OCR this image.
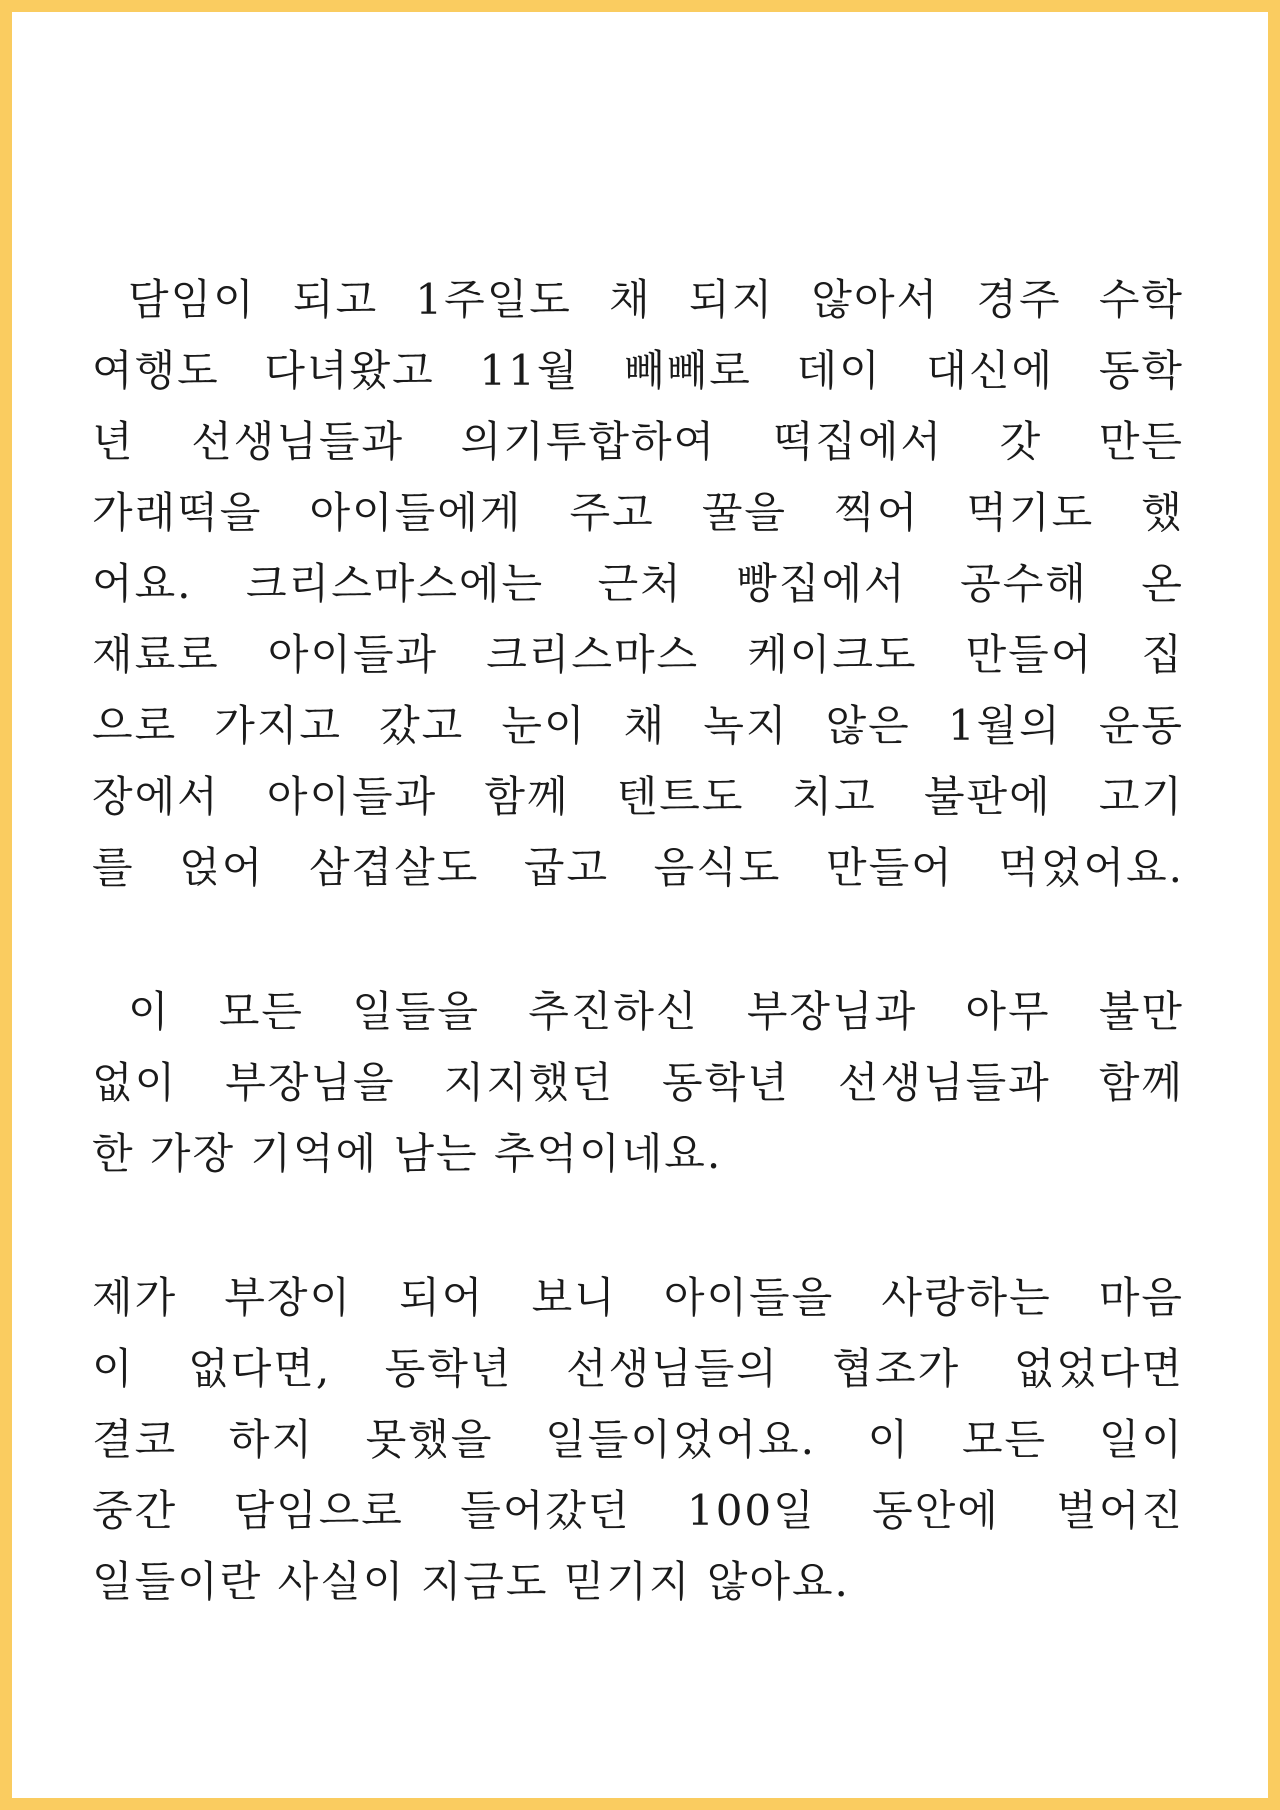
담임이 되고 1주일도 채 되지 않아서 경주 수학
여행도 다녀왔고 11월 빼빼로 데이 대신에 동학
년 선생님들과 의기투합하여 떡집에서 갓 만든
가래떡을 아이들에게 주고 꿀을 찍어 먹기도 했
어요. 크리스마스에는 근처 빵집에서 공수해 온
재료로 아이들과 크리스마스 케이크도 만들어 집
으로 가지고 갔고 눈이 채 녹지 않은 1월의 운동
장에서 아이들과 함께 텐트도 치고 불판에 고기
를 얹어 삼겹살도 굽고 음식도 만들어 먹었어요.
이 모든 일들을 추진하신 부장님과 아무 불만
없이 부장님을 지지했던 동학년 선생님들과 함께
한 가장 기억에 남는 추억이네요.
제가 부장이 되어 보니 아이들을 사랑하는 마음
이 없다면, 동학년 선생님들의 협조가 없었다면
결코 하지 못했을 일들이었어요. 이 모든 일이
중간 담임으로 들어갔던 100일 동안에 벌어진
일들이란 사실이 지금도 믿기지 않아요.
